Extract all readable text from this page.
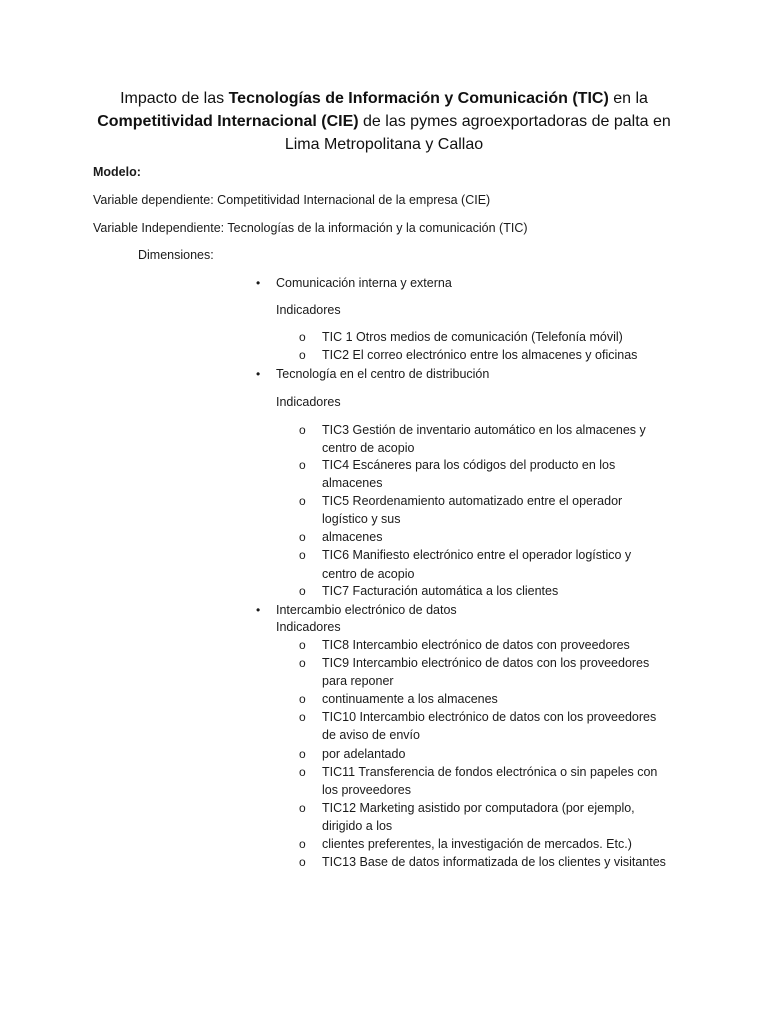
Impacto de las Tecnologías de Información y Comunicación (TIC) en la
Competitividad Internacional (CIE) de las pymes agroexportadoras de palta en
Lima Metropolitana y Callao
Modelo:
Variable dependiente: Competitividad Internacional de la empresa (CIE)
Variable Independiente: Tecnologías de la información y la comunicación (TIC)
Dimensiones:
• Comunicación interna y externa
Indicadores
o TIC 1 Otros medios de comunicación (Telefonía móvil)
o TIC2 El correo electrónico entre los almacenes y oficinas
• Tecnología en el centro de distribución
Indicadores
o TIC3 Gestión de inventario automático en los almacenes y
centro de acopio
o TIC4 Escáneres para los códigos del producto en los
almacenes
o TIC5 Reordenamiento automatizado entre el operador
logístico y sus
o almacenes
o TIC6 Manifiesto electrónico entre el operador logístico y
centro de acopio
o TIC7 Facturación automática a los clientes
• Intercambio electrónico de datos
Indicadores
o TIC8 Intercambio electrónico de datos con proveedores
o TIC9 Intercambio electrónico de datos con los proveedores
para reponer
o continuamente a los almacenes
o TIC10 Intercambio electrónico de datos con los proveedores
de aviso de envío
o por adelantado
o TIC11 Transferencia de fondos electrónica o sin papeles con
los proveedores
o TIC12 Marketing asistido por computadora (por ejemplo,
dirigido a los
o clientes preferentes, la investigación de mercados. Etc.)
o TIC13 Base de datos informatizada de los clientes y visitantes
